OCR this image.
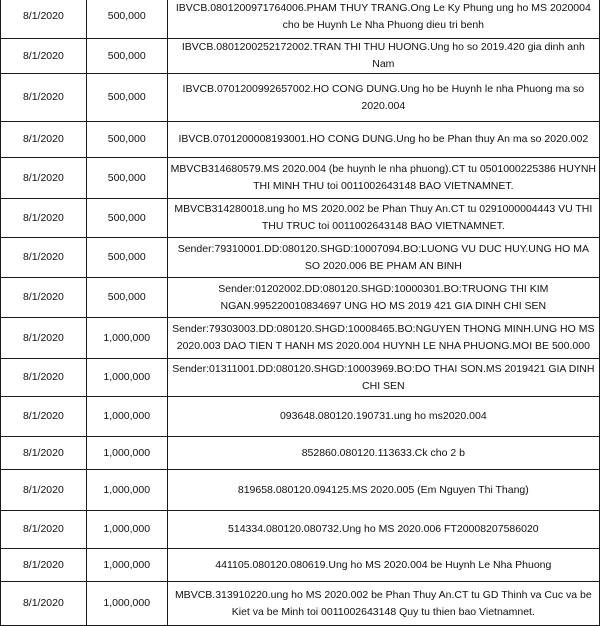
8/1/2020	500,000	IBVCB.0801200971764006.PHAM THUY TRANG.Ong Le Ky Phung ung ho MS 2020004 cho be Huynh Le Nha Phuong dieu tri benh
8/1/2020	500,000	IBVCB.0801200252172002.TRAN THI THU HUONG.Ung ho so 2019.420 gia dinh anh Nam
8/1/2020	500,000	IBVCB.0701200992657002.HO CONG DUNG.Ung ho be Huynh le nha Phuong ma so 2020.004
8/1/2020	500,000	IBVCB.0701200008193001.HO CONG DUNG.Ung ho be Phan thuy An ma so 2020.002
8/1/2020	500,000	MBVCB314680579.MS 2020.004 (be huynh le nha phuong).CT tu 0501000225386 HUYNH THI MINH THU toi 0011002643148 BAO VIETNAMNET.
8/1/2020	500,000	MBVCB314280018.ung ho MS 2020.002 be Phan Thuy An.CT tu 0291000004443 VU THI THU TRUC toi 0011002643148 BAO VIETNAMNET.
8/1/2020	500,000	Sender:79310001.DD:080120.SHGD:10007094.BO:LUONG VU DUC HUY.UNG HO MA SO 2020.006 BE PHAM AN BINH
8/1/2020	500,000	Sender:01202002.DD:080120.SHGD:10000301.BO:TRUONG THI KIM NGAN.995220010834697 UNG HO MS 2019 421 GIA DINH CHI SEN
8/1/2020	1,000,000	Sender:79303003.DD:080120.SHGD:10008465.BO:NGUYEN THONG MINH.UNG HO MS 2020.003 DAO TIEN T HANH MS 2020.004 HUYNH LE NHA PHUONG.MOI BE 500.000
8/1/2020	1,000,000	Sender:01311001.DD:080120.SHGD:10003969.BO:DO THAI SON.MS 2019421 GIA DINH CHI SEN
8/1/2020	1,000,000	093648.080120.190731.ung ho ms2020.004
8/1/2020	1,000,000	852860.080120.113633.Ck cho 2 b
8/1/2020	1,000,000	819658.080120.094125.MS 2020.005 (Em Nguyen Thi Thang)
8/1/2020	1,000,000	514334.080120.080732.Ung ho MS 2020.006 FT20008207586020
8/1/2020	1,000,000	441105.080120.080619.Ung ho MS 2020.004 be Huynh Le Nha Phuong
8/1/2020	1,000,000	MBVCB.313910220.ung ho MS 2020.002 be Phan Thuy An.CT tu GD Thinh va Cuc va be Kiet va be Minh toi 0011002643148 Quy tu thien bao Vietnamnet.
